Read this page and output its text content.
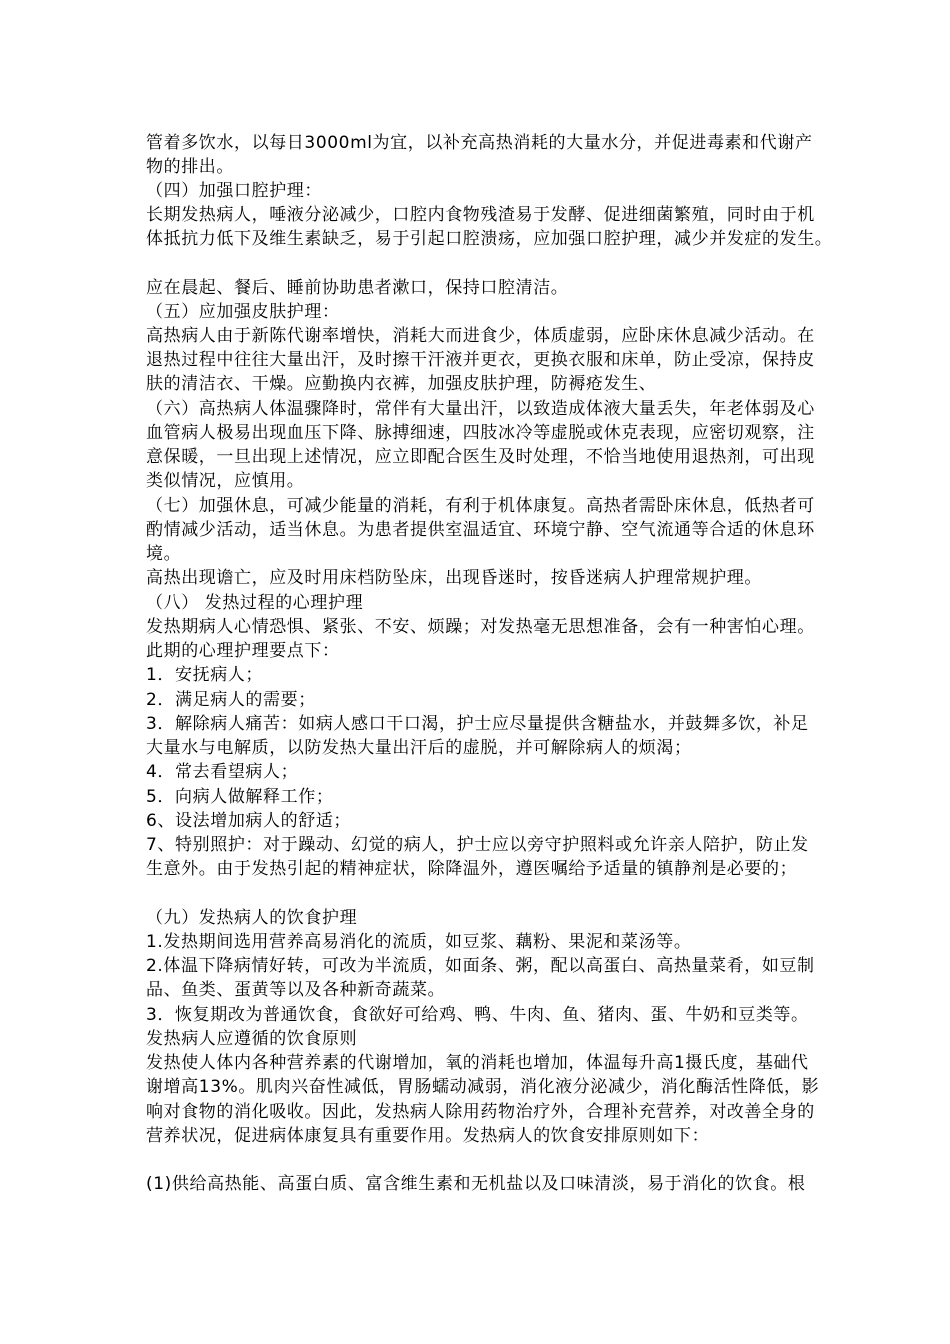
管着多饮水，以每日3000ml为宜，以补充高热消耗的大量水分，并促进毒素和代谢产
物的排出。
（四）加强口腔护理：
长期发热病人，唾液分泌减少，口腔内食物残渣易于发酵、促进细菌繁殖，同时由于机
体抵抗力低下及维生素缺乏，易于引起口腔溃疡，应加强口腔护理，减少并发症的发生。
应在晨起、餐后、睡前协助患者漱口，保持口腔清洁。
（五）应加强皮肤护理：
高热病人由于新陈代谢率增快，消耗大而进食少，体质虚弱，应卧床休息减少活动。在
退热过程中往往大量出汗，及时擦干汗液并更衣，更换衣服和床单，防止受凉，保持皮
肤的清洁衣、干燥。应勤换内衣裤，加强皮肤护理，防褥疮发生、
（六）高热病人体温骤降时，常伴有大量出汗，以致造成体液大量丢失，年老体弱及心
血管病人极易出现血压下降、脉搏细速，四肢冰冷等虚脱或休克表现，应密切观察，注
意保暖，一旦出现上述情况，应立即配合医生及时处理，不恰当地使用退热剂，可出现
类似情况，应慎用。
（七）加强休息，可减少能量的消耗，有利于机体康复。高热者需卧床休息，低热者可
酌情减少活动，适当休息。为患者提供室温适宜、环境宁静、空气流通等合适的休息环
境。
高热出现谵亡，应及时用床档防坠床，出现昏迷时，按昏迷病人护理常规护理。
（八） 发热过程的心理护理
发热期病人心情恐惧、紧张、不安、烦躁；对发热毫无思想准备，会有一种害怕心理。
此期的心理护理要点下：
1．安抚病人；
2．满足病人的需要；
3．解除病人痛苦：如病人感口干口渴，护士应尽量提供含糖盐水，并鼓舞多饮，补足
大量水与电解质，以防发热大量出汗后的虚脱，并可解除病人的烦渴；
4．常去看望病人；
5．向病人做解释工作；
6、设法增加病人的舒适；
7、特别照护：对于躁动、幻觉的病人，护士应以旁守护照料或允许亲人陪护，防止发
生意外。由于发热引起的精神症状，除降温外，遵医嘱给予适量的镇静剂是必要的；
（九）发热病人的饮食护理
1.发热期间选用营养高易消化的流质，如豆浆、藕粉、果泥和菜汤等。
2.体温下降病情好转，可改为半流质，如面条、粥，配以高蛋白、高热量菜肴，如豆制
品、鱼类、蛋黄等以及各种新奇蔬菜。
3．恢复期改为普通饮食，食欲好可给鸡、鸭、牛肉、鱼、猪肉、蛋、牛奶和豆类等。
发热病人应遵循的饮食原则
发热使人体内各种营养素的代谢增加，氧的消耗也增加，体温每升高1摄氏度，基础代
谢增高13%。肌肉兴奋性减低，胃肠蠕动减弱，消化液分泌减少，消化酶活性降低，影
响对食物的消化吸收。因此，发热病人除用药物治疗外，合理补充营养，对改善全身的
营养状况，促进病体康复具有重要作用。发热病人的饮食安排原则如下：
(1)供给高热能、高蛋白质、富含维生素和无机盐以及口味清淡，易于消化的饮食。根
